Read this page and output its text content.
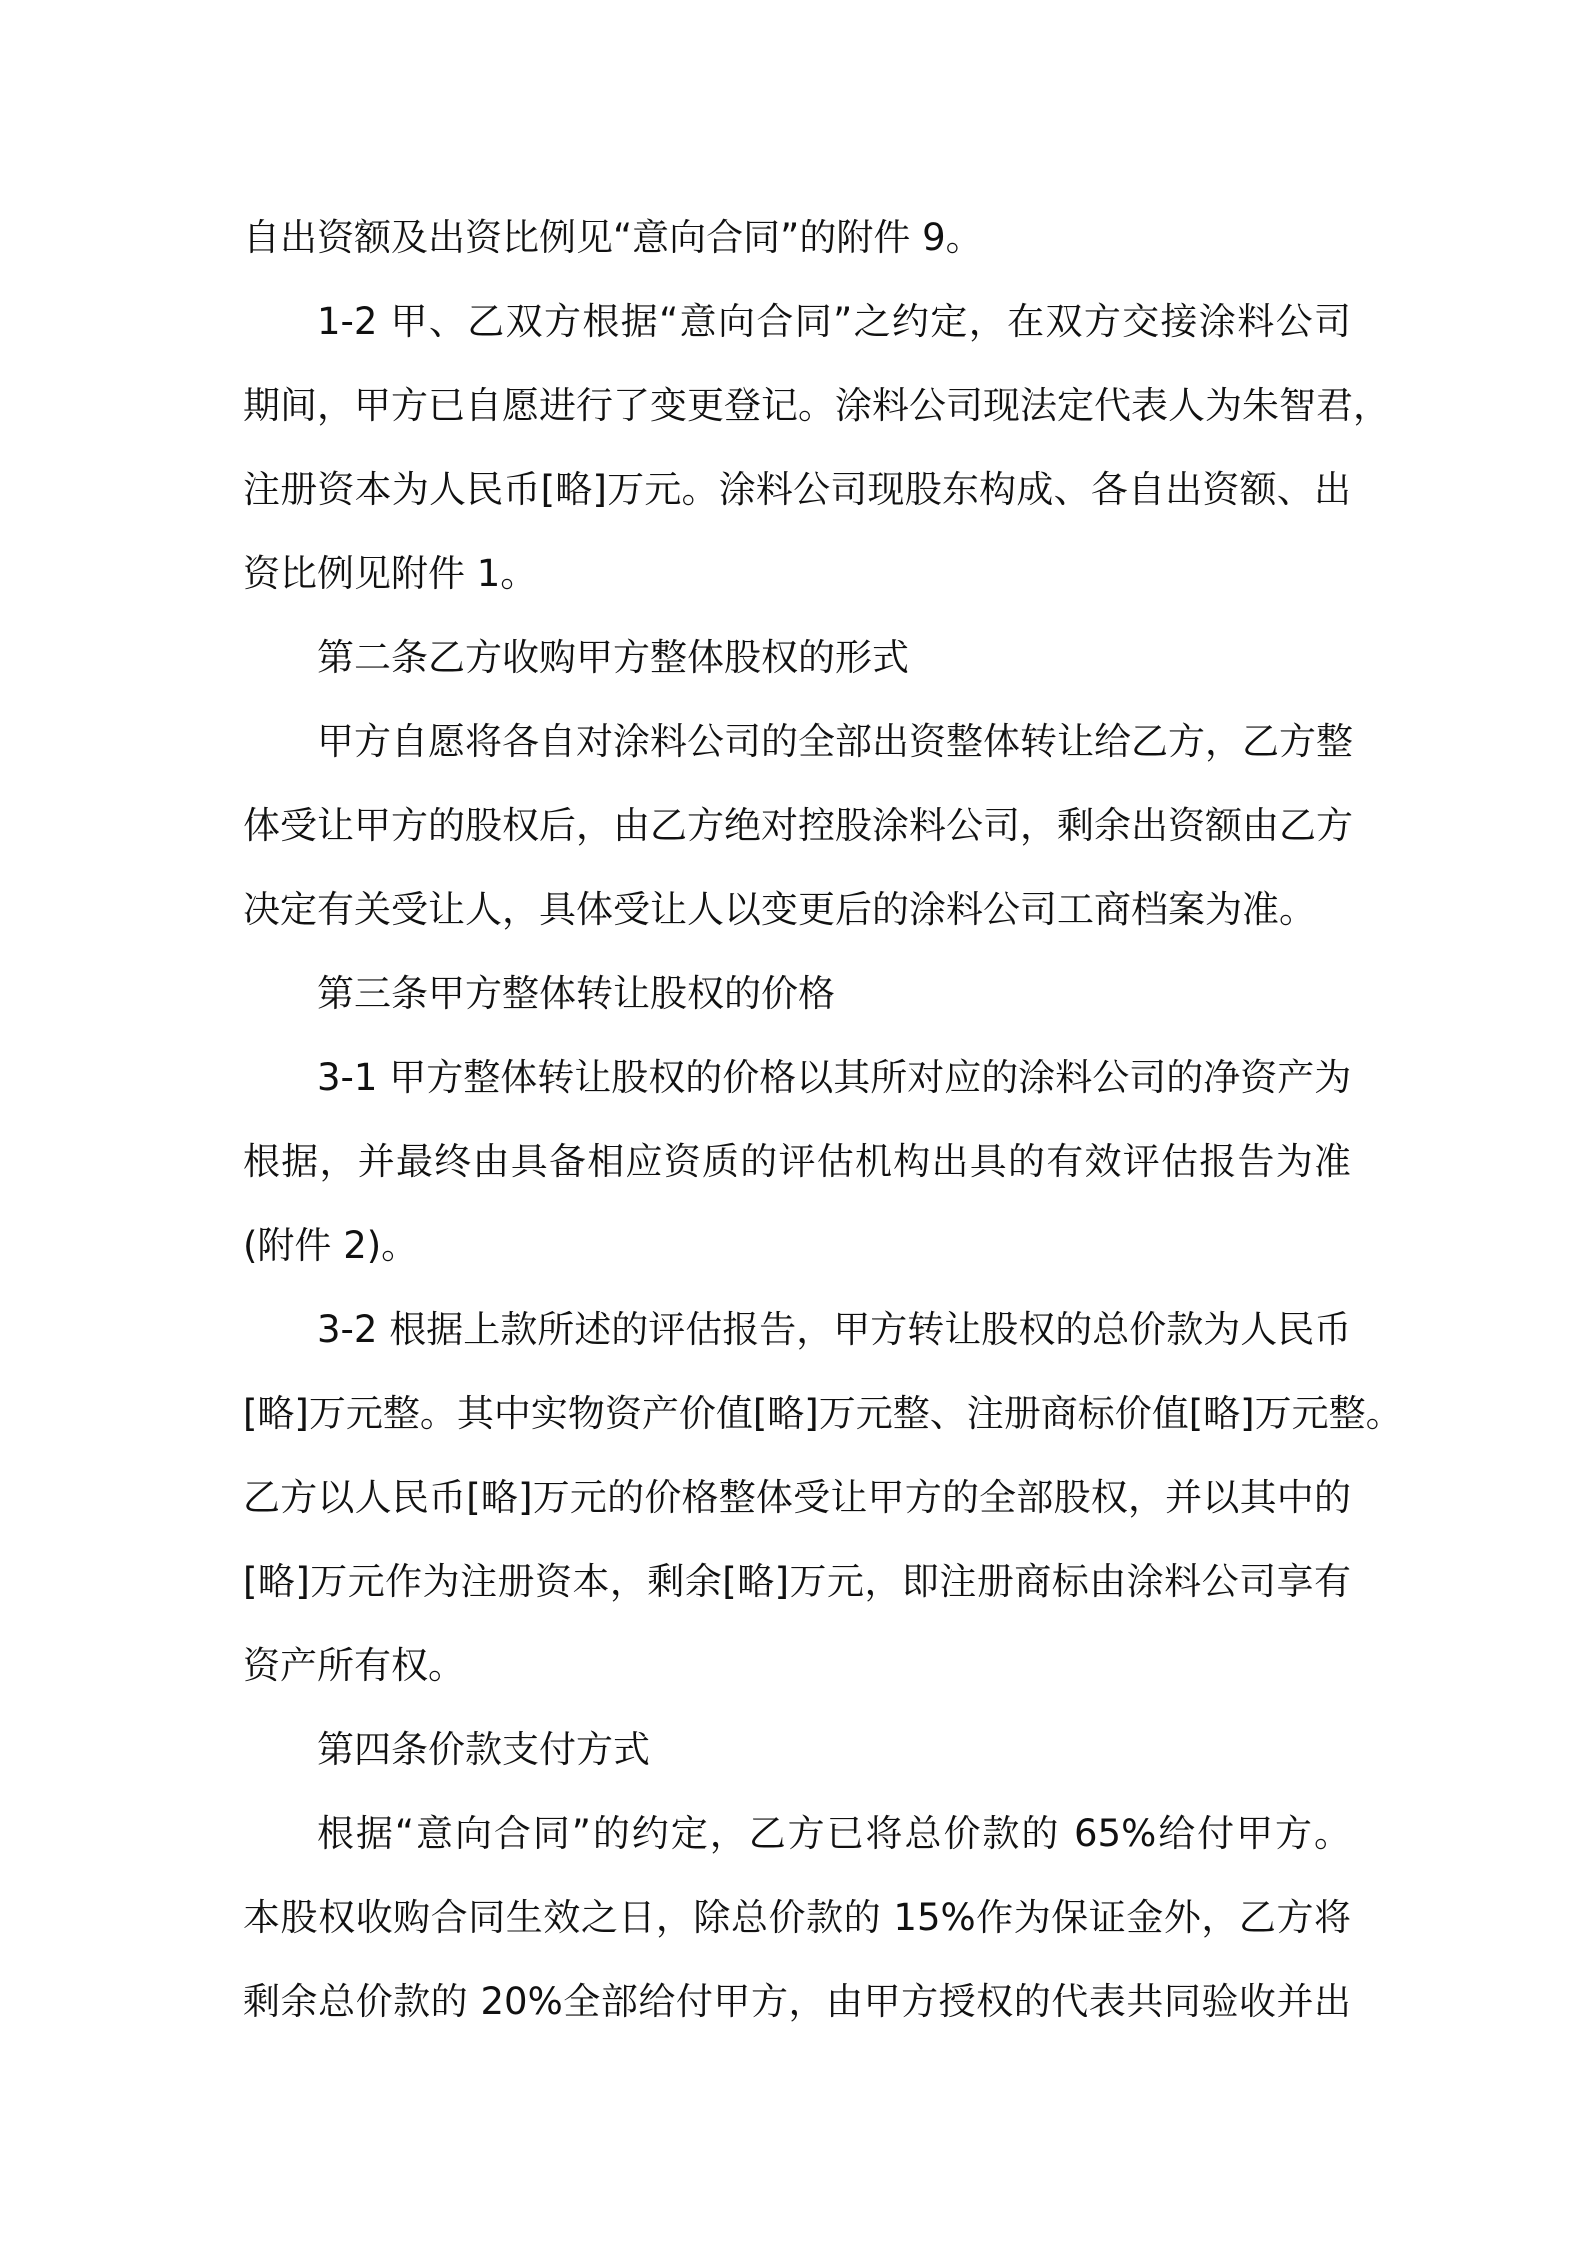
自出资额及出资比例见“意向合同”的附件 9。

1-2 甲、乙双方根据“意向合同”之约定，在双方交接涂料公司

期间，甲方已自愿进行了变更登记。涂料公司现法定代表人为朱智君，

注册资本为人民币[略]万元。涂料公司现股东构成、各自出资额、出

资比例见附件 1。

第二条乙方收购甲方整体股权的形式

甲方自愿将各自对涂料公司的全部出资整体转让给乙方，乙方整

体受让甲方的股权后，由乙方绝对控股涂料公司，剩余出资额由乙方

决定有关受让人，具体受让人以变更后的涂料公司工商档案为准。

第三条甲方整体转让股权的价格

3-1 甲方整体转让股权的价格以其所对应的涂料公司的净资产为

根据，并最终由具备相应资质的评估机构出具的有效评估报告为准

(附件 2)。

3-2 根据上款所述的评估报告，甲方转让股权的总价款为人民币

[略]万元整。其中实物资产价值[略]万元整、注册商标价值[略]万元整。

乙方以人民币[略]万元的价格整体受让甲方的全部股权，并以其中的

[略]万元作为注册资本，剩余[略]万元，即注册商标由涂料公司享有

资产所有权。

第四条价款支付方式

根据“意向合同”的约定，乙方已将总价款的 65%给付甲方。

本股权收购合同生效之日，除总价款的 15%作为保证金外，乙方将

剩余总价款的 20%全部给付甲方，由甲方授权的代表共同验收并出
